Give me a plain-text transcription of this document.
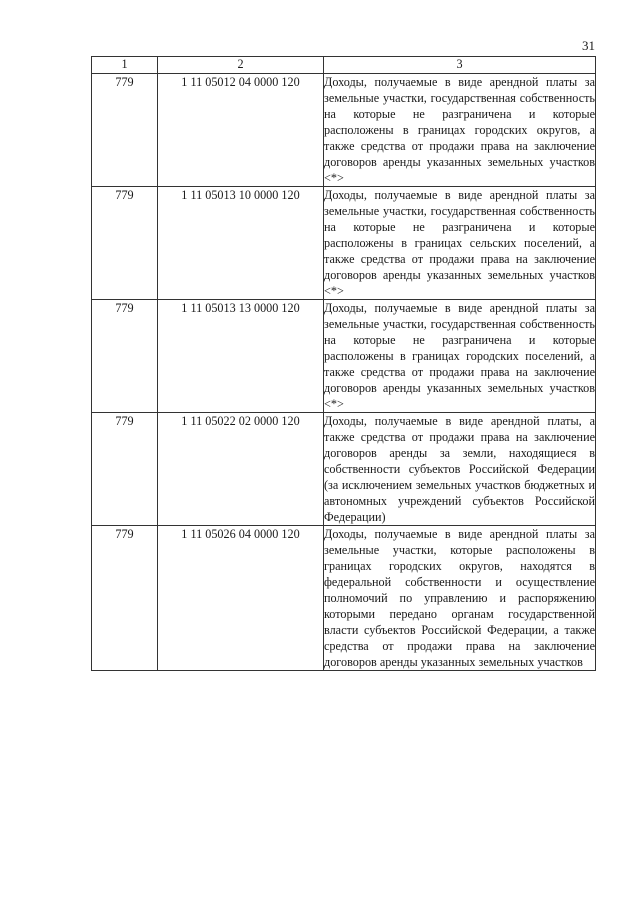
31
1	2	3
779	1 11 05012 04 0000 120	Доходы, получаемые в виде арендной платы за земельные участки, государственная собственность на которые не разграничена и которые расположены в границах городских округов, а также средства от продажи права на заключение договоров аренды указанных земельных участков <*>

779	1 11 05013 10 0000 120	Доходы, получаемые в виде арендной платы за земельные участки, государственная собственность на которые не разграничена и которые расположены в границах сельских поселений, а также средства от продажи права на заключение договоров аренды указанных земельных участков <*>

779	1 11 05013 13 0000 120	Доходы, получаемые в виде арендной платы за земельные участки, государственная собственность на которые не разграничена и которые расположены в границах городских поселений, а также средства от продажи права на заключение договоров аренды указанных земельных участков <*>

779	1 11 05022 02 0000 120	Доходы, получаемые в виде арендной платы, а также средства от продажи права на заключение договоров аренды за земли, находящиеся в собственности субъектов Российской Федерации (за исключением земельных участков бюджетных и автономных учреждений субъектов Российской Федерации)

779	1 11 05026 04 0000 120	Доходы, получаемые в виде арендной платы за земельные участки, которые расположены в границах городских округов, находятся в федеральной собственности и осуществление полномочий по управлению и распоряжению которыми передано органам государственной власти субъектов Российской Федерации, а также средства от продажи права на заключение договоров аренды указанных земельных участков
